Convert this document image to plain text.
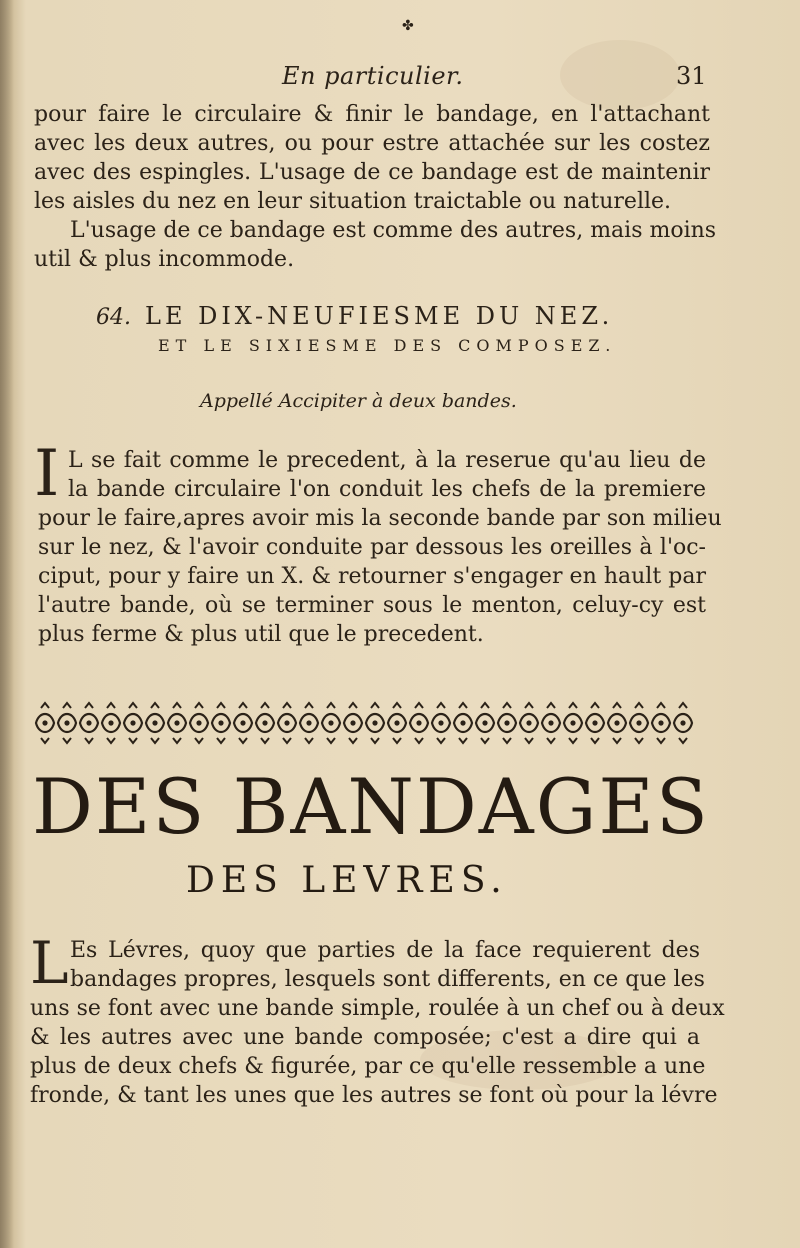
✤
En particulier.	31
pour faire le circulaire & finir le bandage, en l'attachant
avec les deux autres, ou pour estre attachée sur les costez
avec des espingles. L'usage de ce bandage est de maintenir
les aisles du nez en leur situation traictable ou naturelle.
L'usage de ce bandage est comme des autres, mais moins
util & plus incommode.
64. LE DIX-NEUFIESME DU NEZ.
ET LE SIXIESME DES COMPOSEZ.
Appellé Accipiter à deux bandes.
I L se fait comme le precedent, à la reserue qu'au lieu de
la bande circulaire l'on conduit les chefs de la premiere
pour le faire,apres avoir mis la seconde bande par son milieu
sur le nez, & l'avoir conduite par dessous les oreilles à l'oc-
ciput, pour y faire un X. & retourner s'engager en hault par
l'autre bande, où se terminer sous le menton, celuy-cy est
plus ferme & plus util que le precedent.
DES BANDAGES
DES LEVRES.
L Es Lévres, quoy que parties de la face requierent des
bandages propres, lesquels sont differents, en ce que les
uns se font avec une bande simple, roulée à un chef ou à deux
& les autres avec une bande composée; c'est a dire qui a
plus de deux chefs & figurée, par ce qu'elle ressemble a une
fronde, & tant les unes que les autres se font où pour la lévre
